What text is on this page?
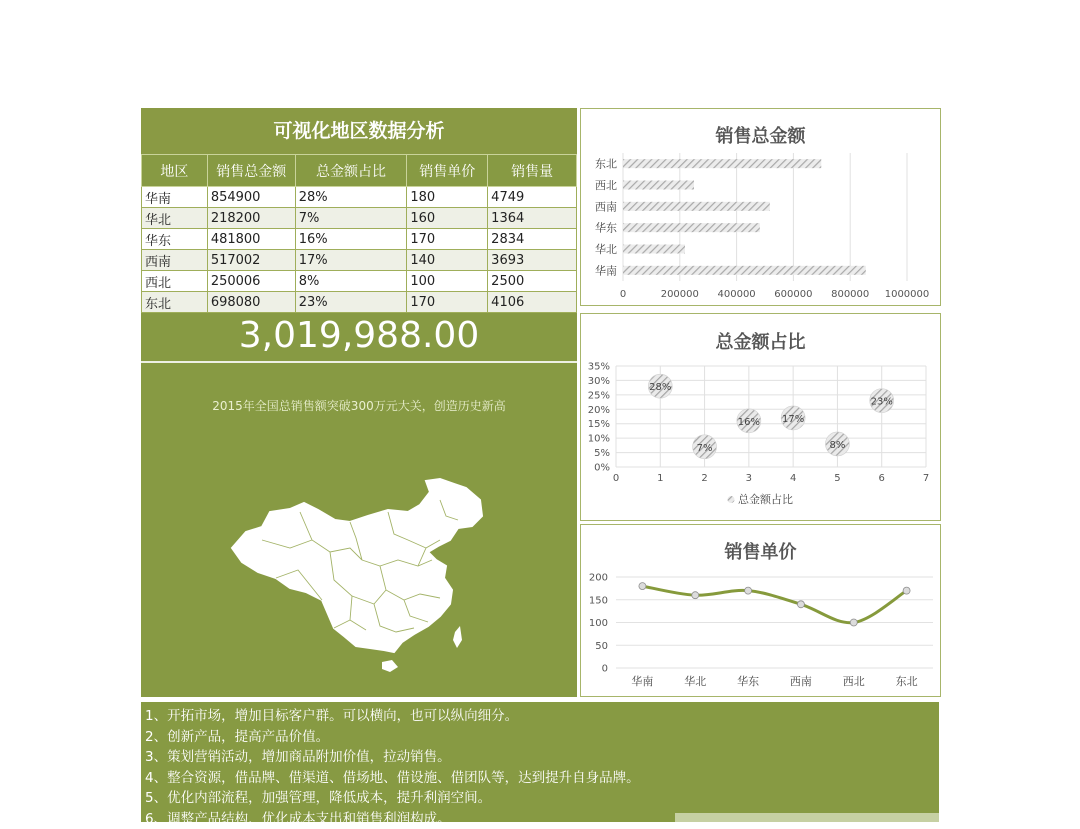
可视化地区数据分析
地区	销售总金额	总金额占比	销售单价	销售量
华南	854900	28%	180	4749
华北	218200	7%	160	1364
华东	481800	16%	170	2834
西南	517002	17%	140	3693
西北	250006	8%	100	2500
东北	698080	23%	170	4106
销售总金额
0	200000 400000 600000 800000 1000000
华南
华北
华东
西南
西北
东北
总金额占比
0%
5%
10%
15%
20%
25%
30%
35%
0	1	2	3	4	5	6	7
28%
7%
16% 17%
8%
23%
总金额占比
销售单价
0
50
100
150
200
华南	华北	华东	西南	西北	东北
3,019,988.00
2015年全国总销售额突破300万元大关，创造历史新高
1、开拓市场，增加目标客户群。可以横向，也可以纵向细分。
2、创新产品，提高产品价值。
3、策划营销活动，增加商品附加价值，拉动销售。
4、整合资源，借品牌、借渠道、借场地、借设施、借团队等，达到提升自身品牌。
5、优化内部流程，加强管理，降低成本，提升利润空间。
6、调整产品结构，优化成本支出和销售利润构成。
